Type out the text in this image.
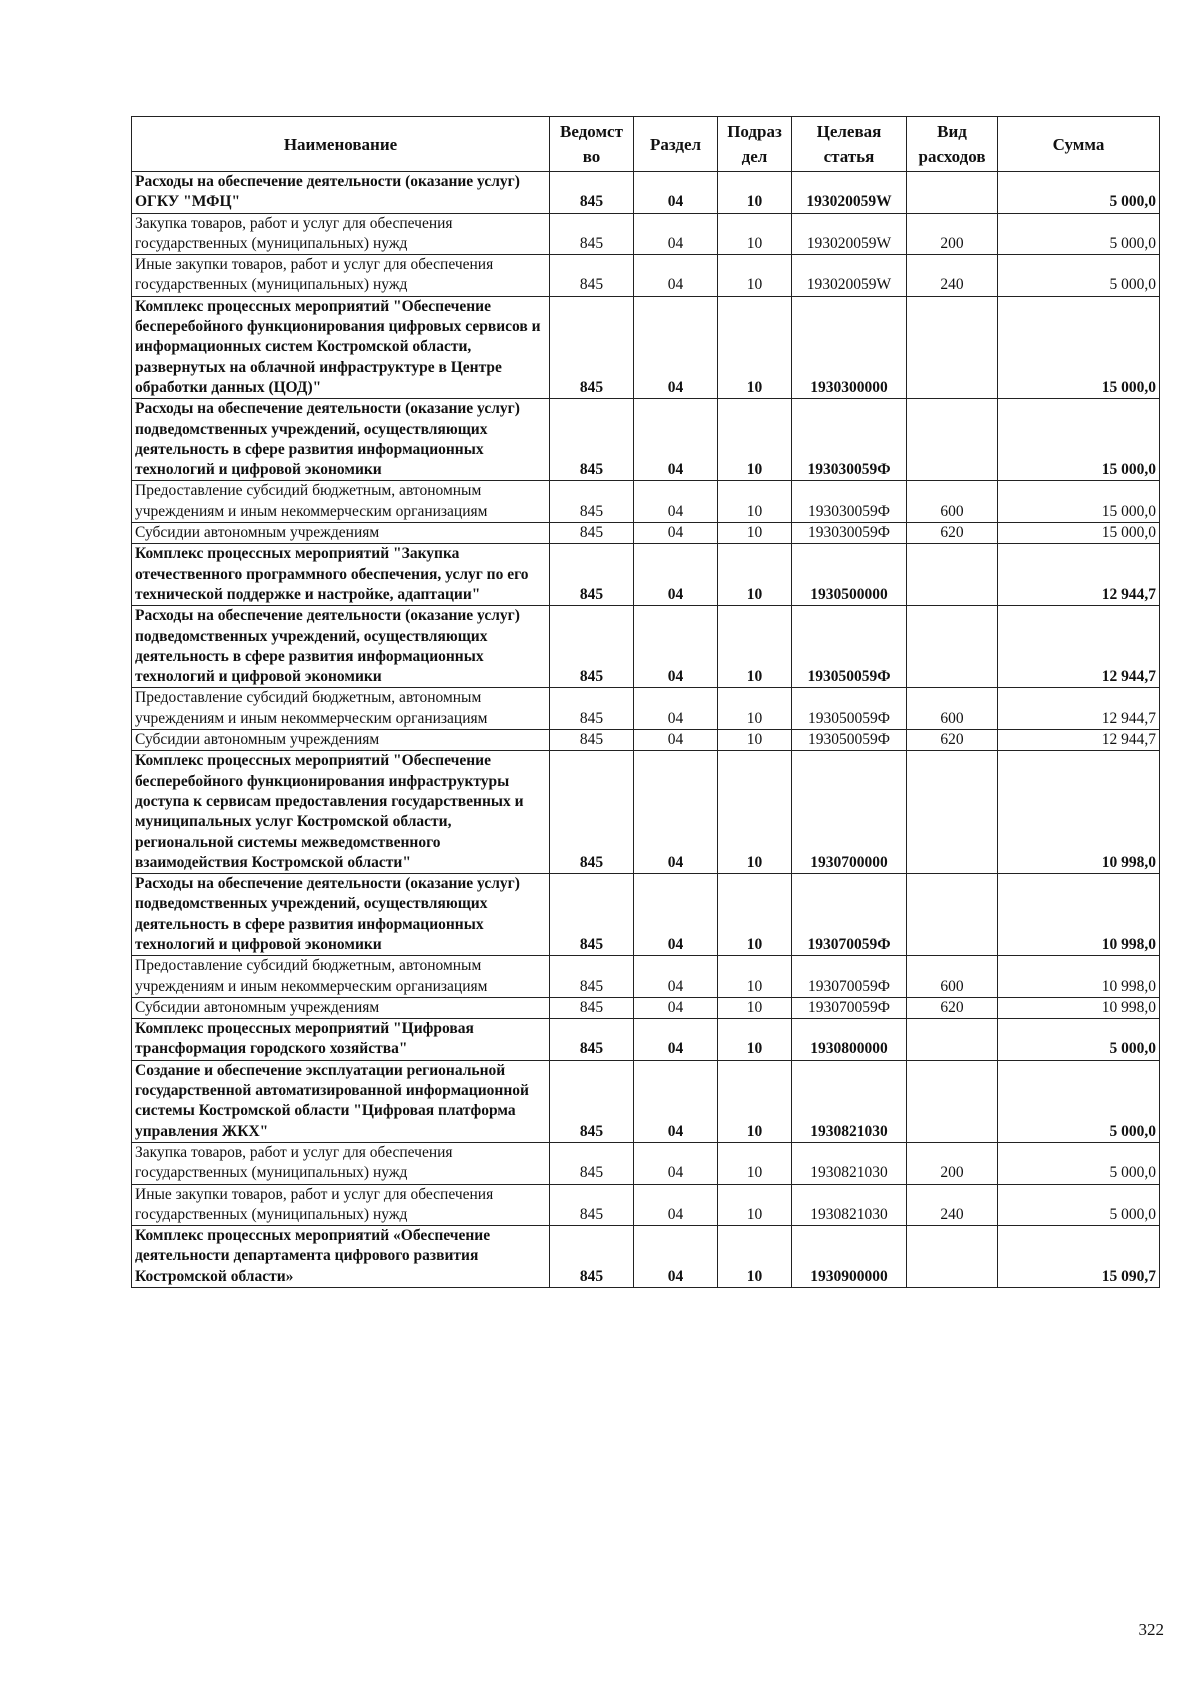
Наименование	Ведомст во	Раздел	Подраз дел	Целевая статья	Вид расходов	Сумма
Расходы на обеспечение деятельности (оказание услуг) ОГКУ "МФЦ"	845	04	10	193020059W		5 000,0
Закупка товаров, работ и услуг для обеспечения государственных (муниципальных) нужд	845	04	10	193020059W	200	5 000,0
Иные закупки товаров, работ и услуг для обеспечения государственных (муниципальных) нужд	845	04	10	193020059W	240	5 000,0
Комплекс процессных мероприятий "Обеспечение бесперебойного функционирования цифровых сервисов и информационных систем Костромской области, развернутых на облачной инфраструктуре в Центре обработки данных (ЦОД)"	845	04	10	1930300000		15 000,0
Расходы на обеспечение деятельности (оказание услуг) подведомственных учреждений, осуществляющих деятельность в сфере развития информационных технологий и цифровой экономики	845	04	10	193030059Ф		15 000,0
Предоставление субсидий бюджетным, автономным учреждениям и иным некоммерческим организациям	845	04	10	193030059Ф	600	15 000,0
Субсидии автономным учреждениям	845	04	10	193030059Ф	620	15 000,0
Комплекс процессных мероприятий "Закупка отечественного программного обеспечения, услуг по его технической поддержке и настройке, адаптации"	845	04	10	1930500000		12 944,7
Расходы на обеспечение деятельности (оказание услуг) подведомственных учреждений, осуществляющих деятельность в сфере развития информационных технологий и цифровой экономики	845	04	10	193050059Ф		12 944,7
Предоставление субсидий бюджетным, автономным учреждениям и иным некоммерческим организациям	845	04	10	193050059Ф	600	12 944,7
Субсидии автономным учреждениям	845	04	10	193050059Ф	620	12 944,7
Комплекс процессных мероприятий "Обеспечение бесперебойного функционирования инфраструктуры доступа к сервисам предоставления государственных и муниципальных услуг Костромской области, региональной системы межведомственного взаимодействия Костромской области"	845	04	10	1930700000		10 998,0
Расходы на обеспечение деятельности (оказание услуг) подведомственных учреждений, осуществляющих деятельность в сфере развития информационных технологий и цифровой экономики	845	04	10	193070059Ф		10 998,0
Предоставление субсидий бюджетным, автономным учреждениям и иным некоммерческим организациям	845	04	10	193070059Ф	600	10 998,0
Субсидии автономным учреждениям	845	04	10	193070059Ф	620	10 998,0
Комплекс процессных мероприятий "Цифровая трансформация городского хозяйства"	845	04	10	1930800000		5 000,0
Создание и обеспечение эксплуатации региональной государственной автоматизированной информационной системы Костромской области "Цифровая платформа управления ЖКХ"	845	04	10	1930821030		5 000,0
Закупка товаров, работ и услуг для обеспечения государственных (муниципальных) нужд	845	04	10	1930821030	200	5 000,0
Иные закупки товаров, работ и услуг для обеспечения государственных (муниципальных) нужд	845	04	10	1930821030	240	5 000,0
Комплекс процессных мероприятий «Обеспечение деятельности департамента цифрового развития Костромской области»	845	04	10	1930900000		15 090,7
322
